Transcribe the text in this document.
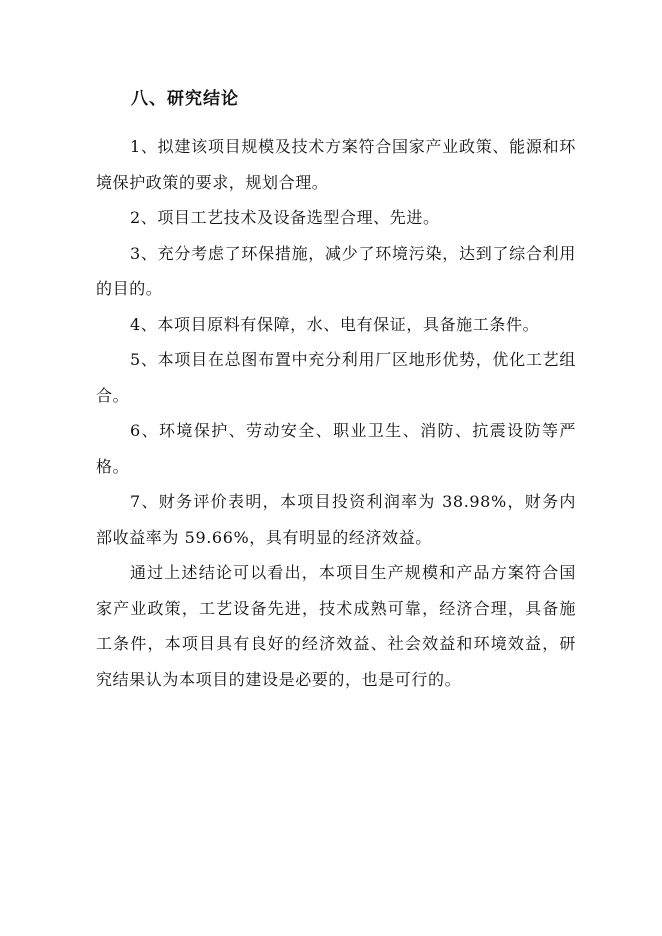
八、研究结论

1、拟建该项目规模及技术方案符合国家产业政策、能源和环境保护政策的要求，规划合理。

2、项目工艺技术及设备选型合理、先进。

3、充分考虑了环保措施，减少了环境污染，达到了综合利用的目的。

4、本项目原料有保障，水、电有保证，具备施工条件。

5、本项目在总图布置中充分利用厂区地形优势，优化工艺组合。

6、环境保护、劳动安全、职业卫生、消防、抗震设防等严格。

7、财务评价表明，本项目投资利润率为 38.98%，财务内部收益率为 59.66%，具有明显的经济效益。

通过上述结论可以看出，本项目生产规模和产品方案符合国家产业政策，工艺设备先进，技术成熟可靠，经济合理，具备施工条件，本项目具有良好的经济效益、社会效益和环境效益，研究结果认为本项目的建设是必要的，也是可行的。
